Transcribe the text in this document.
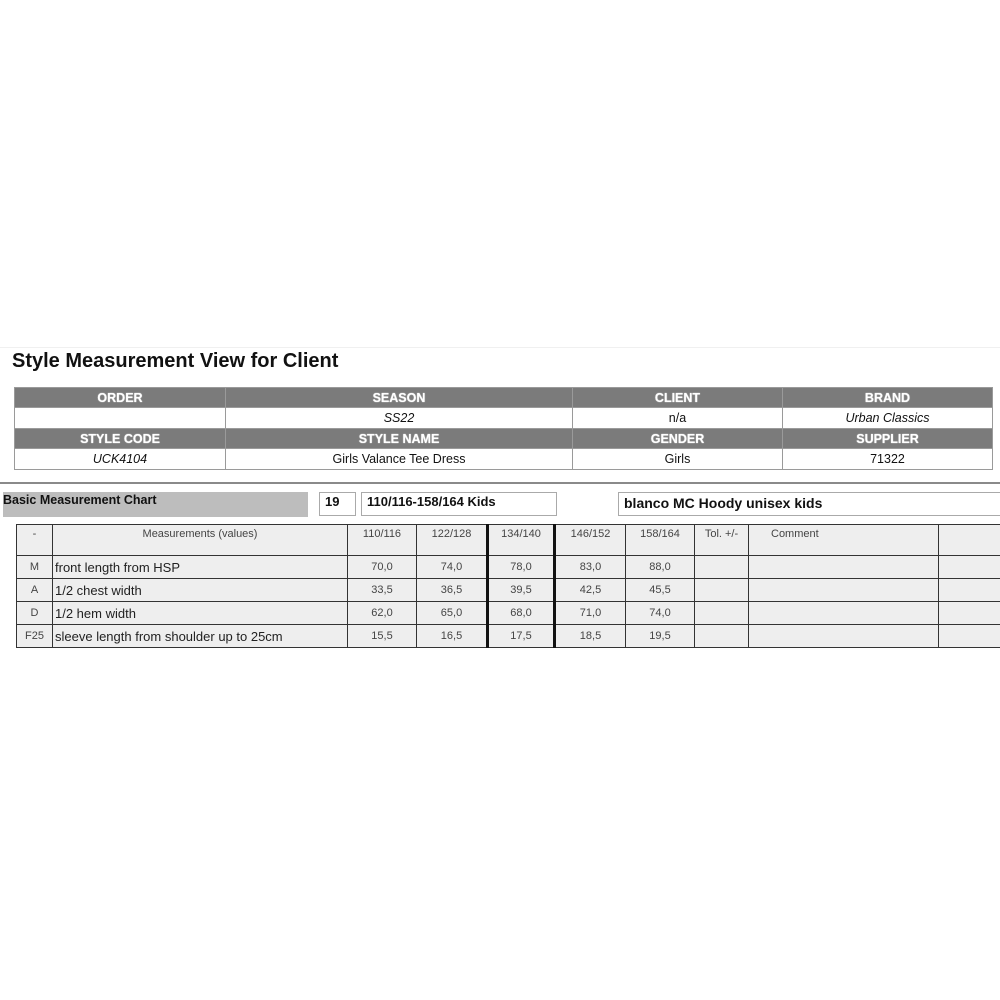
Style Measurement View for Client
ORDER	SEASON	CLIENT	BRAND
	SS22	n/a	Urban Classics
STYLE CODE	STYLE NAME	GENDER	SUPPLIER
UCK4104	Girls Valance Tee Dress	Girls	71322
Basic Measurement Chart	19	110/116-158/164 Kids	blanco MC Hoody unisex kids
-	Measurements (values)	110/116	122/128	134/140	146/152	158/164	Tol. +/-	Comment	
M	front length from HSP	70,0	74,0	78,0	83,0	88,0			
A	1/2 chest width	33,5	36,5	39,5	42,5	45,5			
D	1/2 hem width	62,0	65,0	68,0	71,0	74,0			
F25	sleeve length from shoulder up to 25cm	15,5	16,5	17,5	18,5	19,5			
